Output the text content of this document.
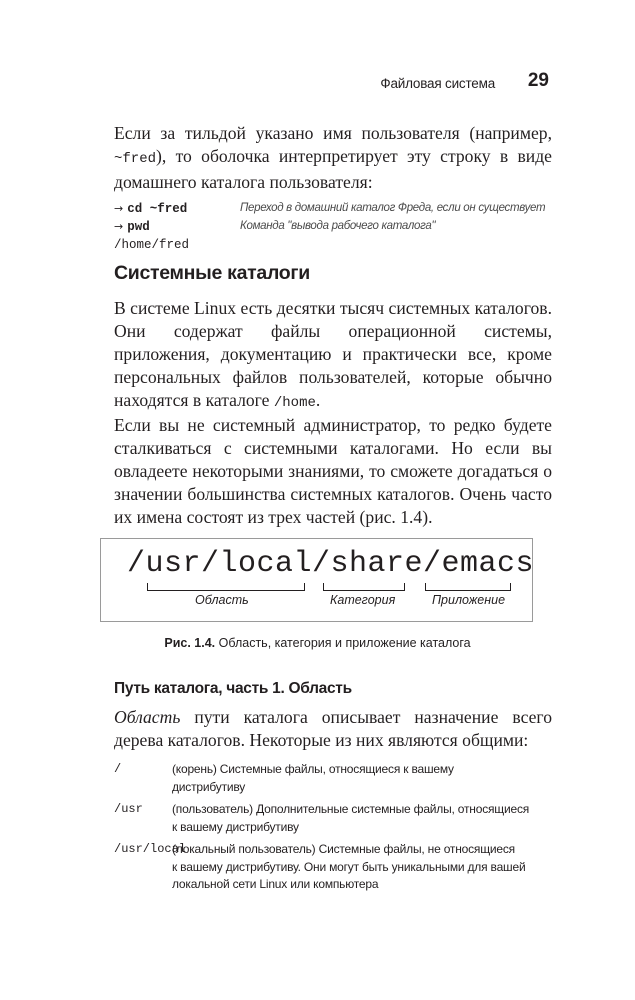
Файловая система 29
Если за тильдой указано имя пользователя (например, ~fred), то оболочка интерпретирует эту строку в виде домашнего каталога пользователя:
→ cd ~fred	Переход в домашний каталог Фреда, если он существует
→ pwd	Команда "вывода рабочего каталога"
/home/fred
Системные каталоги
В системе Linux есть десятки тысяч системных каталогов. Они содержат файлы операционной системы, приложения, документацию и практически все, кроме персональных файлов пользователей, которые обычно находятся в каталоге /home.
Если вы не системный администратор, то редко будете сталкиваться с системными каталогами. Но если вы овладеете некоторыми знаниями, то сможете догадаться о значении большинства системных каталогов. Очень часто их имена состоят из трех частей (рис. 1.4).
/usr/local/share/emacs
Область	Категория	Приложение
Рис. 1.4. Область, категория и приложение каталога
Путь каталога, часть 1. Область
Область пути каталога описывает назначение всего дерева каталогов. Некоторые из них являются общими:
/	(корень) Системные файлы, относящиеся к вашему
дистрибутиву
/usr (пользователь) Дополнительные системные файлы, относящиеся
к вашему дистрибутиву
/usr/local
(локальный пользователь) Системные файлы, не относящиеся
к вашему дистрибутиву. Они могут быть уникальными для вашей
локальной сети Linux или компьютера
